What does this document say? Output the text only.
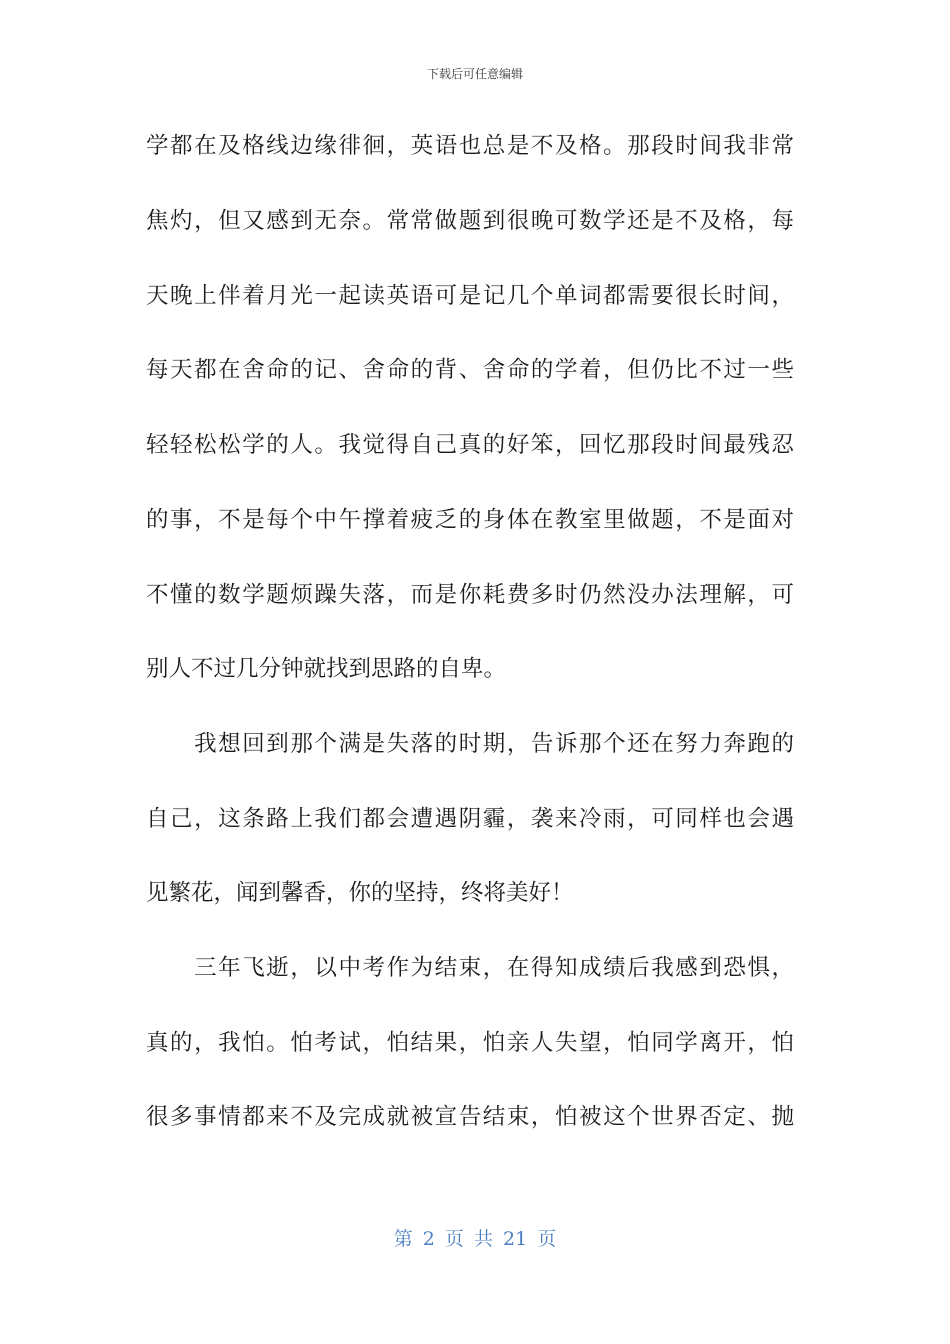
下载后可任意编辑
学都在及格线边缘徘徊，英语也总是不及格。那段时间我非常
焦灼，但又感到无奈。常常做题到很晚可数学还是不及格，每
天晚上伴着月光一起读英语可是记几个单词都需要很长时间，
每天都在舍命的记、舍命的背、舍命的学着，但仍比不过一些
轻轻松松学的人。我觉得自己真的好笨，回忆那段时间最残忍
的事，不是每个中午撑着疲乏的身体在教室里做题，不是面对
不懂的数学题烦躁失落，而是你耗费多时仍然没办法理解，可
别人不过几分钟就找到思路的自卑。
　　我想回到那个满是失落的时期，告诉那个还在努力奔跑的
自己，这条路上我们都会遭遇阴霾，袭来冷雨，可同样也会遇
见繁花，闻到馨香，你的坚持，终将美好！
　　三年飞逝，以中考作为结束，在得知成绩后我感到恐惧，
真的，我怕。怕考试，怕结果，怕亲人失望，怕同学离开，怕
很多事情都来不及完成就被宣告结束，怕被这个世界否定、抛
第 2 页 共 21 页
